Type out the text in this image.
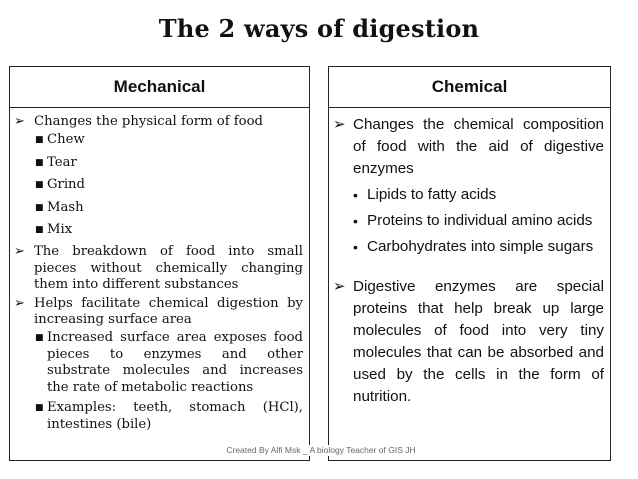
The 2 ways of digestion
Mechanical
➢ Changes the physical form of food
■ Chew
■ Tear
■ Grind
■ Mash
■ Mix
➢ The breakdown of food into small pieces without chemically changing them into different substances
➢ Helps facilitate chemical digestion by increasing surface area
■ Increased surface area exposes food pieces to enzymes and other substrate molecules and increases the rate of metabolic reactions
■ Examples: teeth, stomach (HCl), intestines (bile)
Chemical
➢ Changes the chemical composition of food with the aid of digestive enzymes
• Lipids to fatty acids
• Proteins to individual amino acids
• Carbohydrates into simple sugars
➢ Digestive enzymes are special proteins that help break up large molecules of food into very tiny molecules that can be absorbed and used by the cells in the form of nutrition.
Created By Alfi Msk _ A biology Teacher of GIS JH
